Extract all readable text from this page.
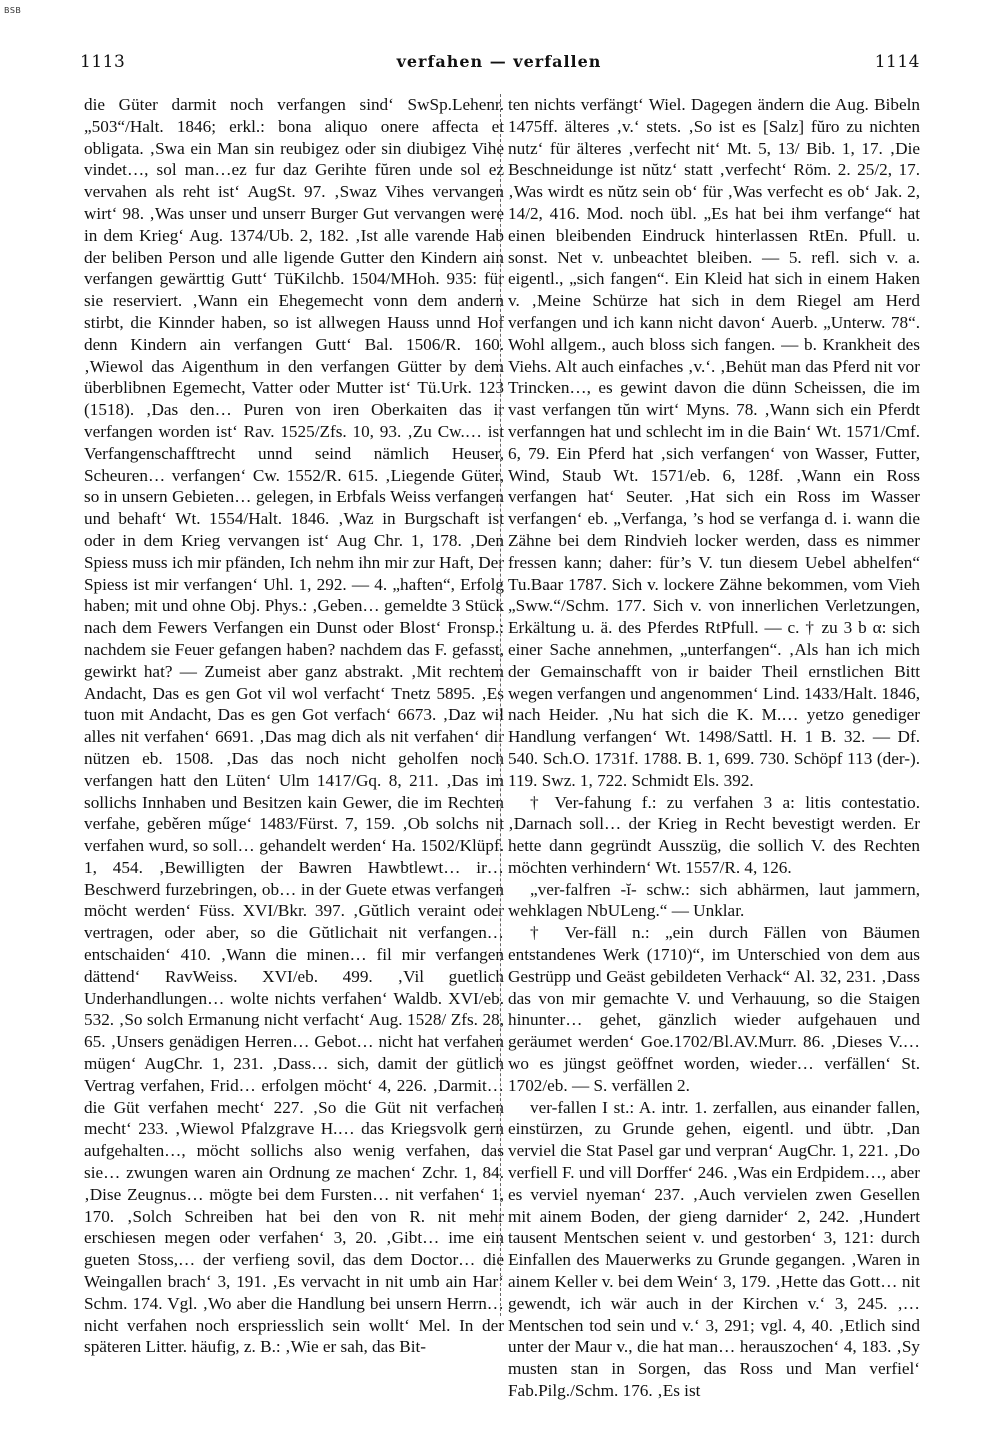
BSB
1113	verfahen — verfallen	1114

die Güter darmit noch verfangen sind‘ SwSp.Lehenr. „503“/Halt. 1846; erkl.: bona aliquo onere affecta et obligata. ‚Swa ein Man sin reubigez oder sin diubigez Vihe vindet…, sol man…ez fur daz Gerihte fŭren unde sol ez vervahen als reht ist‘ AugSt. 97. ‚Swaz Vihes vervangen wirt‘ 98. ‚Was unser und unserr Burger Gut vervangen were in dem Krieg‘ Aug. 1374/Ub. 2, 182. ‚Ist alle varende Hab der beliben Person und alle ligende Gutter den Kindern ain verfangen gewärttig Gutt‘ TüKilchb. 1504/MHoh. 935: für sie reserviert. ‚Wann ein Ehegemecht vonn dem andern stirbt, die Kinnder haben, so ist allwegen Hauss unnd Hof denn Kindern ain verfangen Gutt‘ Bal. 1506/R. 160. ‚Wiewol das Aigenthum in den verfangen Gütter by dem überblibnen Egemecht, Vatter oder Mutter ist‘ Tü.Urk. 123 (1518). ‚Das den… Puren von iren Oberkaiten das ir verfangen worden ist‘ Rav. 1525/Zfs. 10, 93. ‚Zu Cw.… ist Verfangenschafftrecht unnd seind nämlich Heuser, Scheuren… verfangen‘ Cw. 1552/R. 615. ‚Liegende Güter, so in unsern Gebieten… gelegen, in Erbfals Weiss verfangen und behaft‘ Wt. 1554/Halt. 1846. ‚Waz in Burgschaft ist oder in dem Krieg vervangen ist‘ Aug Chr. 1, 178. ‚Den Spiess muss ich mir pfänden, Ich nehm ihn mir zur Haft, Der Spiess ist mir verfangen‘ Uhl. 1, 292. — 4. „haften“, Erfolg haben; mit und ohne Obj. Phys.: ‚Geben… gemeldte 3 Stück nach dem Fewers Verfangen ein Dunst oder Blost‘ Fronsp.: nachdem sie Feuer gefangen haben? nachdem das F. gefasst, gewirkt hat? — Zumeist aber ganz abstrakt. ‚Mit rechtem Andacht, Das es gen Got vil wol verfacht‘ Tnetz 5895. ‚Es tuon mit Andacht, Das es gen Got verfach‘ 6673. ‚Daz wil alles nit verfahen‘ 6691. ‚Das mag dich als nit verfahen‘ dir nützen eb. 1508. ‚Das das noch nicht geholfen noch verfangen hatt den Lüten‘ Ulm 1417/Gq. 8, 211. ‚Das im sollichs Innhaben und Besitzen kain Gewer, die im Rechten verfahe, geběren műge‘ 1483/Fürst. 7, 159. ‚Ob solchs nit verfahen wurd, so soll… gehandelt werden‘ Ha. 1502/Klüpf. 1, 454. ‚Bewilligten der Bawren Hawbtlewt… ir… Beschwerd furzebringen, ob… in der Guete etwas verfangen möcht werden‘ Füss. XVI/Bkr. 397. ‚Gŭtlich veraint oder vertragen, oder aber, so die Gŭtlichait nit verfangen… entschaiden‘ 410. ‚Wann die minen… fil mir verfangen dättend‘ RavWeiss. XVI/eb. 499. ‚Vil guetlich Underhandlungen… wolte nichts verfahen‘ Waldb. XVI/eb. 532. ‚So solch Ermanung nicht verfacht‘ Aug. 1528/ Zfs. 28, 65. ‚Unsers genädigen Herren… Gebot… nicht hat verfahen mügen‘ AugChr. 1, 231. ‚Dass… sich, damit der gütlich Vertrag verfahen, Frid… erfolgen möcht‘ 4, 226. ‚Darmit… die Güt verfahen mecht‘ 227. ‚So die Güt nit verfachen mecht‘ 233. ‚Wiewol Pfalzgrave H.… das Kriegsvolk gern aufgehalten…, möcht sollichs also wenig verfahen, das sie… zwungen waren ain Ordnung ze machen‘ Zchr. 1, 84. ‚Dise Zeugnus… mögte bei dem Fursten… nit verfahen‘ 1, 170. ‚Solch Schreiben hat bei den von R. nit mehr erschiesen megen oder verfahen‘ 3, 20. ‚Gibt… ime ein gueten Stoss,… der verfieng sovil, das dem Doctor… die Weingallen brach‘ 3, 191. ‚Es vervacht in nit umb ain Har‘ Schm. 174. Vgl. ‚Wo aber die Handlung bei unsern Herrn… nicht verfahen noch erspriesslich sein wollt‘ Mel. In der späteren Litter. häufig, z. B.: ‚Wie er sah, das Bit-

ten nichts verfängt‘ Wiel. Dagegen ändern die Aug. Bibeln 1475ff. älteres ‚v.‘ stets. ‚So ist es [Salz] fŭro zu nichten nutz‘ für älteres ‚verfecht nit‘ Mt. 5, 13/ Bib. 1, 17. ‚Die Beschneidunge ist nŭtz‘ statt ‚verfecht‘ Röm. 2. 25/2, 17. ‚Was wirdt es nŭtz sein ob‘ für ‚Was verfecht es ob‘ Jak. 2, 14/2, 416. Mod. noch übl. „Es hat bei ihm verfange“ hat einen bleibenden Eindruck hinterlassen RtEn. Pfull. u. sonst. Net v. unbeachtet bleiben. — 5. refl. sich v. a. eigentl., „sich fangen“. Ein Kleid hat sich in einem Haken v. ‚Meine Schürze hat sich in dem Riegel am Herd verfangen und ich kann nicht davon‘ Auerb. „Unterw. 78“. Wohl allgem., auch bloss sich fangen. — b. Krankheit des Viehs. Alt auch einfaches ‚v.‘. ‚Behüt man das Pferd nit vor Trincken…, es gewint davon die dünn Scheissen, die im vast verfangen tŭn wirt‘ Myns. 78. ‚Wann sich ein Pferdt verfanngen hat und schlecht im in die Bain‘ Wt. 1571/Cmf. 6, 79. Ein Pferd hat ‚sich verfangen‘ von Wasser, Futter, Wind, Staub Wt. 1571/eb. 6, 128f. ‚Wann ein Ross verfangen hat‘ Seuter. ‚Hat sich ein Ross im Wasser verfangen‘ eb. „Verfanga, ’s hod se verfanga d. i. wann die Zähne bei dem Rindvieh locker werden, dass es nimmer fressen kann; daher: für’s V. tun diesem Uebel abhelfen“ Tu.Baar 1787. Sich v. lockere Zähne bekommen, vom Vieh „Sww.“/Schm. 177. Sich v. von innerlichen Verletzungen, Erkältung u. ä. des Pferdes RtPfull. — c. † zu 3 b α: sich einer Sache annehmen, „unterfangen“. ‚Als han ich mich der Gemainschafft von ir baider Theil ernstlichen Bitt wegen verfangen und angenommen‘ Lind. 1433/Halt. 1846, nach Heider. ‚Nu hat sich die K. M.… yetzo genediger Handlung verfangen‘ Wt. 1498/Sattl. H. 1 B. 32. — Df. 540. Sch.O. 1731f. 1788. B. 1, 699. 730. Schöpf 113 (der-). 119. Swz. 1, 722. Schmidt Els. 392.

† Ver-fahung f.: zu verfahen 3 a: litis contestatio. ‚Darnach soll… der Krieg in Recht bevestigt werden. Er hette dann gegründt Ausszüg, die sollich V. des Rechten möchten verhindern‘ Wt. 1557/R. 4, 126.

„ver-falfren -ĭ- schw.: sich abhärmen, laut jammern, wehklagen NbULeng.“ — Unklar.

† Ver-fäll n.: „ein durch Fällen von Bäumen entstandenes Werk (1710)“, im Unterschied von dem aus Gestrüpp und Geäst gebildeten Verhack“ Al. 32, 231. ‚Dass das von mir gemachte V. und Verhauung, so die Staigen hinunter… gehet, gänzlich wieder aufgehauen und geräumet werden‘ Goe.1702/Bl.AV.Murr. 86. ‚Dieses V.… wo es jüngst geöffnet worden, wieder… verfällen‘ St. 1702/eb. — S. verfällen 2.

ver-fallen I st.: A. intr. 1. zerfallen, aus einander fallen, einstürzen, zu Grunde gehen, eigentl. und übtr. ‚Dan verviel die Stat Pasel gar und verpran‘ AugChr. 1, 221. ‚Do verfiell F. und vill Dorffer‘ 246. ‚Was ein Erdpidem…, aber es verviel nyeman‘ 237. ‚Auch vervielen zwen Gesellen mit ainem Boden, der gieng darnider‘ 2, 242. ‚Hundert tausent Mentschen seient v. und gestorben‘ 3, 121: durch Einfallen des Mauerwerks zu Grunde gegangen. ‚Waren in ainem Keller v. bei dem Wein‘ 3, 179. ‚Hette das Gott… nit gewendt, ich wär auch in der Kirchen v.‘ 3, 245. ‚… Mentschen tod sein und v.‘ 3, 291; vgl. 4, 40. ‚Etlich sind unter der Maur v., die hat man… herauszochen‘ 4, 183. ‚Sy musten stan in Sorgen, das Ross und Man verfiel‘ Fab.Pilg./Schm. 176. ‚Es ist
